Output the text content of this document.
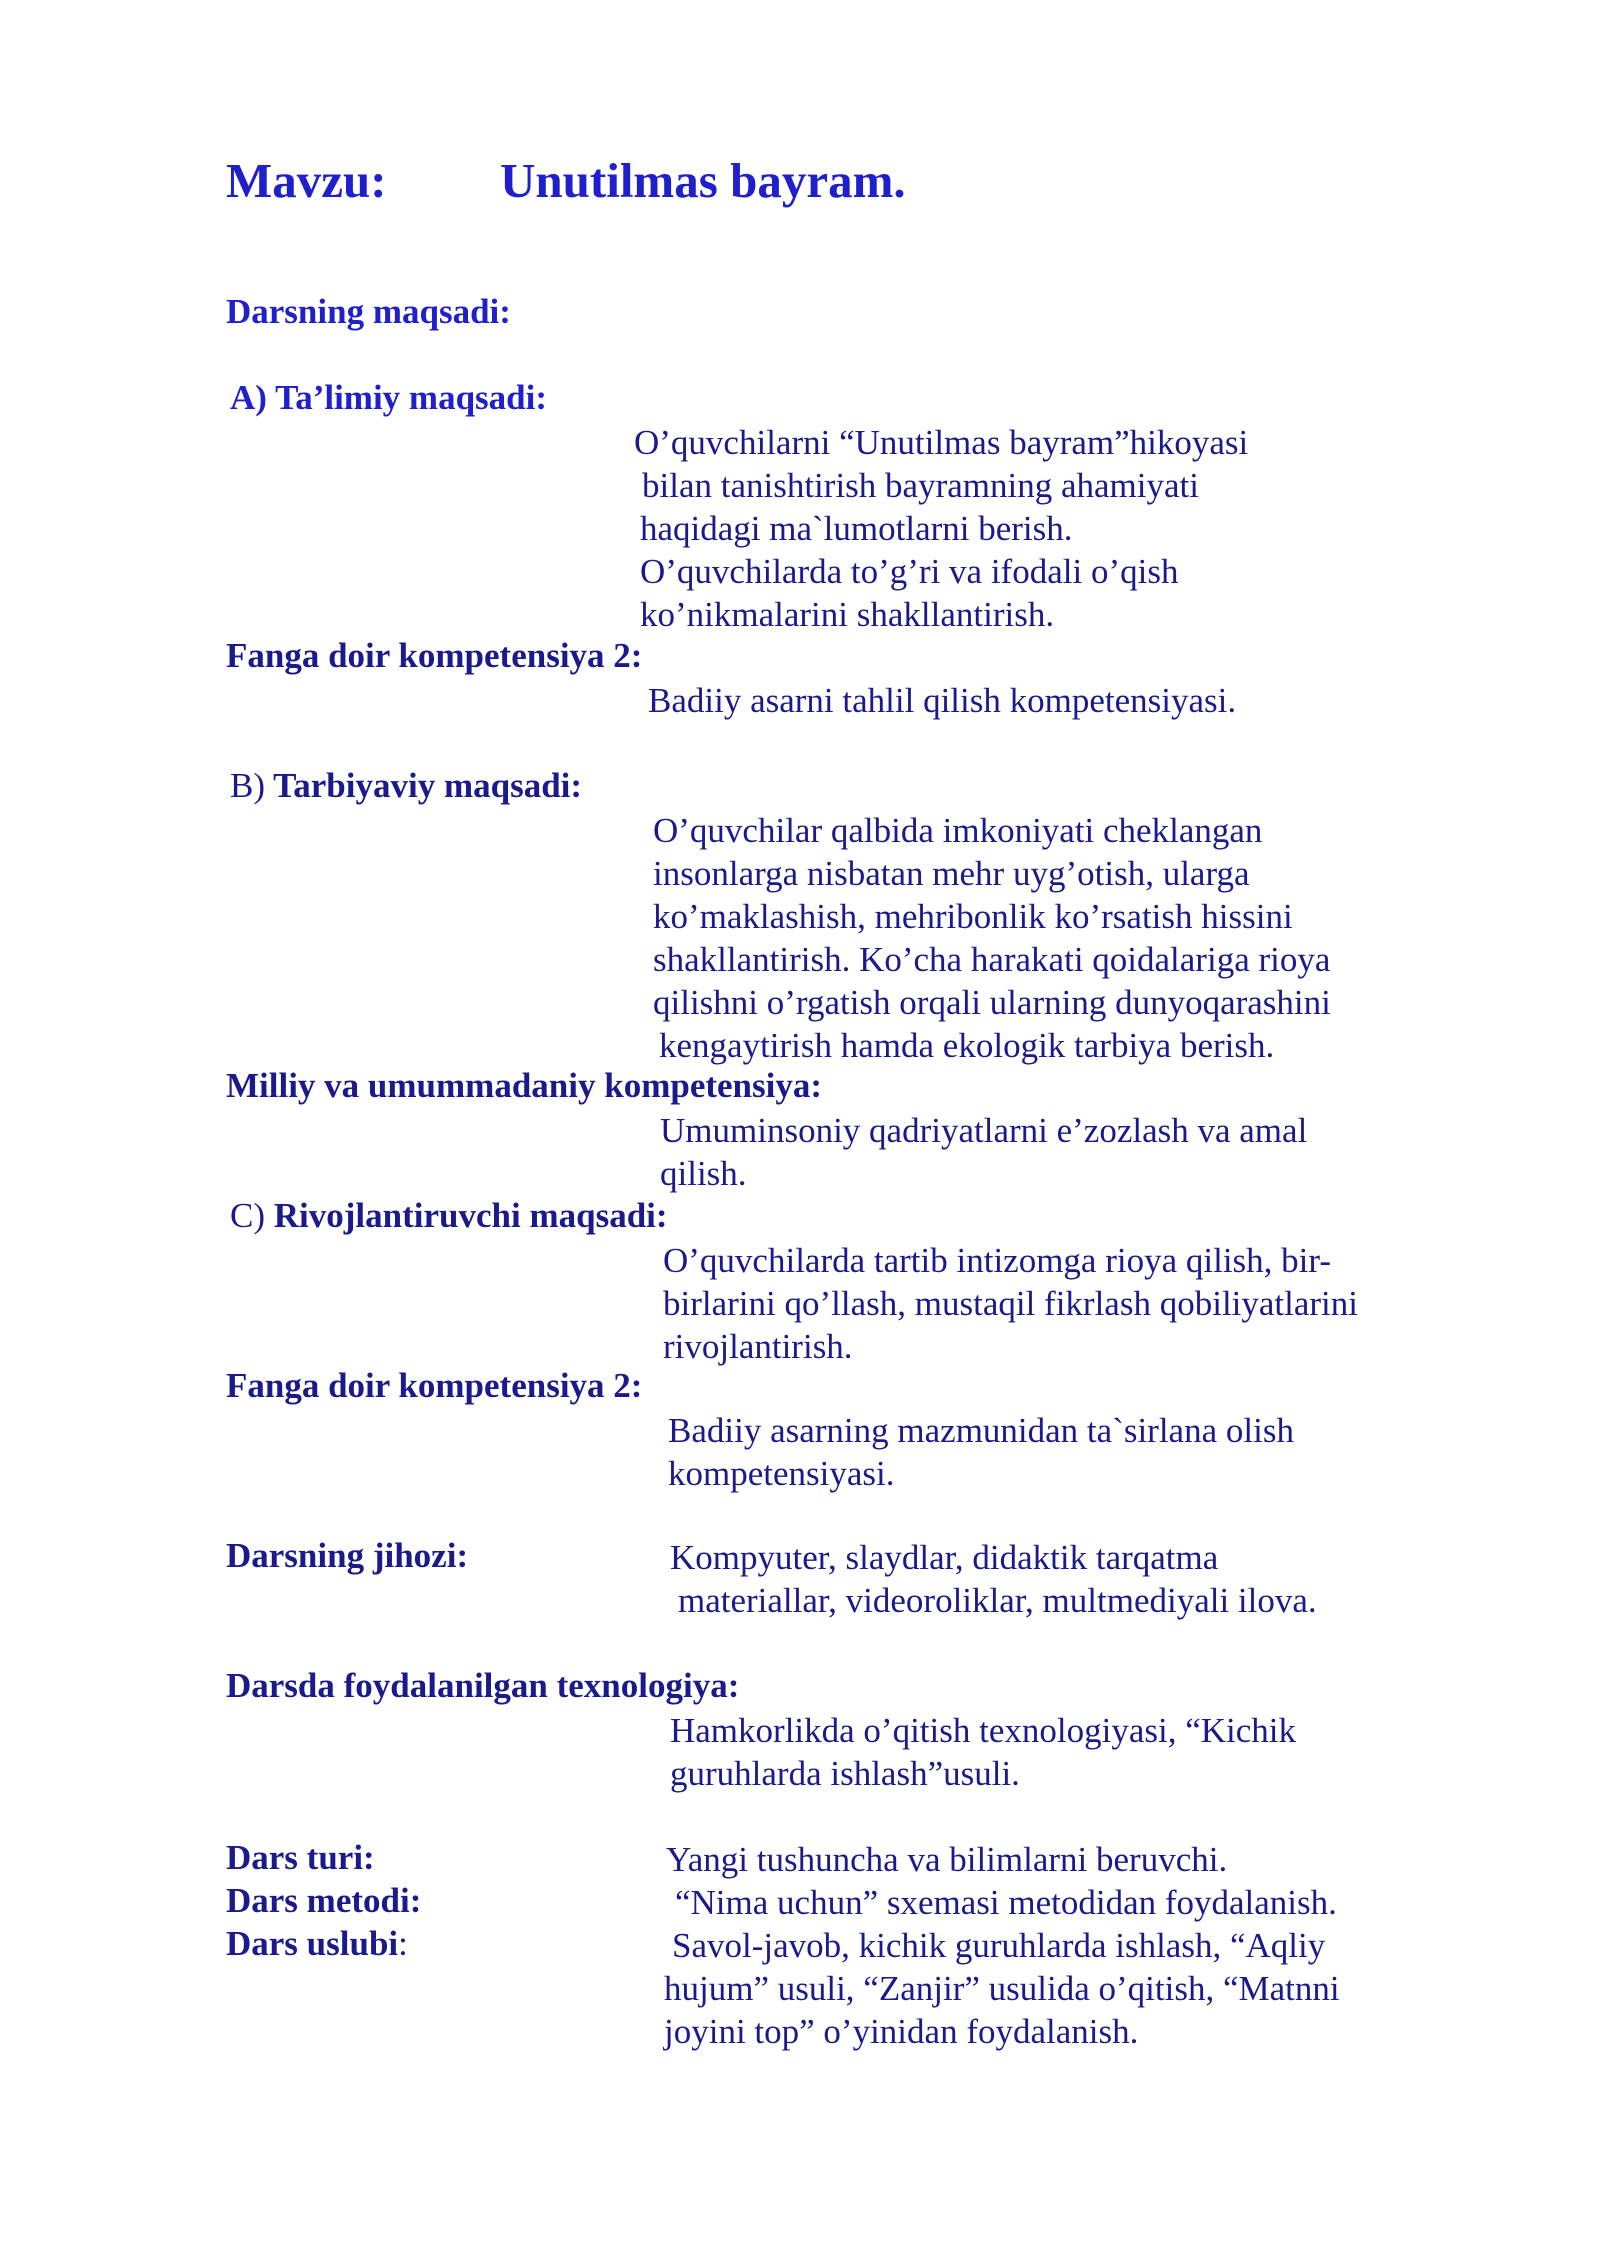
Mavzu: Unutilmas bayram.
Darsning maqsadi:
A) Ta’limiy maqsadi:
O’quvchilarni “Unutilmas bayram”hikoyasi
bilan tanishtirish bayramning ahamiyati
haqidagi ma`lumotlarni berish.
O’quvchilarda to’g’ri va ifodali o’qish
ko’nikmalarini shakllantirish.
Fanga doir kompetensiya 2:
Badiiy asarni tahlil qilish kompetensiyasi.
B) Tarbiyaviy maqsadi:
O’quvchilar qalbida imkoniyati cheklangan
insonlarga nisbatan mehr uyg’otish, ularga
ko’maklashish, mehribonlik ko’rsatish hissini
shakllantirish. Ko’cha harakati qoidalariga rioya
qilishni o’rgatish orqali ularning dunyoqarashini
kengaytirish hamda ekologik tarbiya berish.
Milliy va umummadaniy kompetensiya:
Umuminsoniy qadriyatlarni e’zozlash va amal
qilish.
C) Rivojlantiruvchi maqsadi:
O’quvchilarda tartib intizomga rioya qilish, bir-
birlarini qo’llash, mustaqil fikrlash qobiliyatlarini
rivojlantirish.
Fanga doir kompetensiya 2:
Badiiy asarning mazmunidan ta`sirlana olish
kompetensiyasi.
Darsning jihozi:	Kompyuter, slaydlar, didaktik tarqatma
materiallar, videoroliklar, multmediyali ilova.
Darsda foydalanilgan texnologiya:
Hamkorlikda o’qitish texnologiyasi, “Kichik
guruhlarda ishlash”usuli.
Dars turi:	Yangi tushuncha va bilimlarni beruvchi.
Dars metodi:	“Nima uchun” sxemasi metodidan foydalanish.
Dars uslubi:	Savol-javob, kichik guruhlarda ishlash, “Aqliy
hujum” usuli, “Zanjir” usulida o’qitish, “Matnni
joyini top” o’yinidan foydalanish.
